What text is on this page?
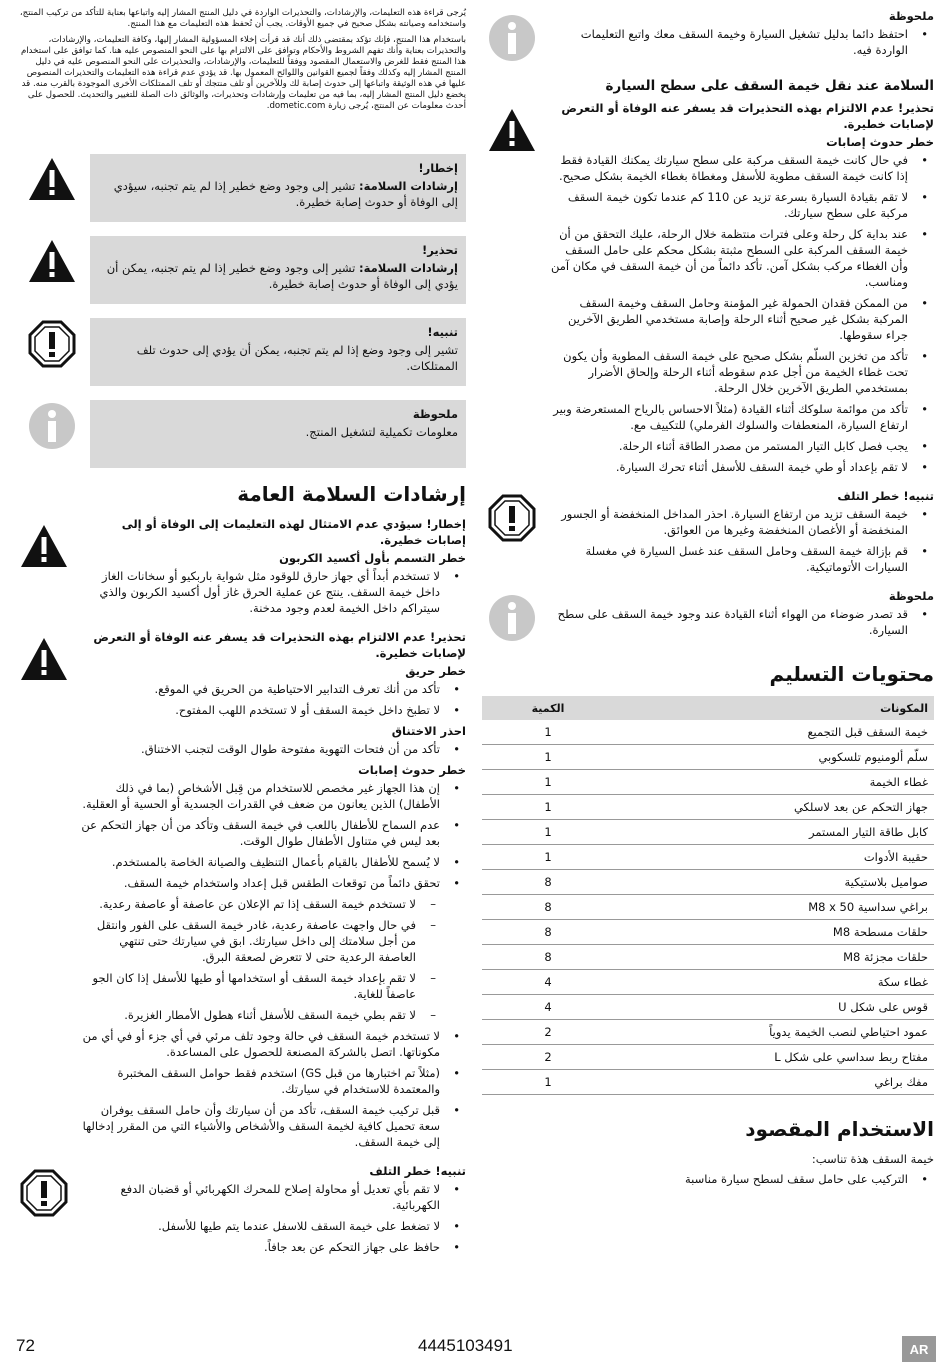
يُرجى قراءة هذه التعليمات، والإرشادات، والتحذيرات الواردة في دليل المنتج المشار إليه واتباعها بعناية للتأكد من تركيب المنتج، واستخدامه وصيانته بشكل صحيح في جميع الأوقات. يجب أن تُحفظ هذه التعليمات مع هذا المنتج.

باستخدام هذا المنتج، فإنك تؤكد بمقتضى ذلك أنك قد قرأت إخلاء المسؤولية المشار إليها، وكافة التعليمات، والإرشادات، والتحذيرات بعناية وأنك تفهم الشروط والأحكام وتوافق على الالتزام بها على النحو المنصوص عليه هنا. كما توافق على استخدام هذا المنتج فقط للغرض والاستعمال المقصود ووفقاً للتعليمات، والإرشادات، والتحذيرات على النحو المنصوص عليه في دليل المنتج المشار إليه وكذلك وفقاً لجميع القوانين واللوائح المعمول بها. قد يؤدي عدم قراءة هذه التعليمات والتحذيرات المنصوص عليها في هذه الوثيقة واتباعها إلى حدوث إصابة لك وللآخرين أو تلف منتجك أو تلف الممتلكات الأخرى الموجودة بالقرب منه. قد يخضع دليل المنتج المشار إليه، بما فيه من تعليمات وإرشادات وتحذيرات، والوثائق ذات الصلة للتغيير والتحديث. للحصول على أحدث معلومات عن المنتج، يُرجى زيارة dometic.com.

إخطار!
إرشادات السلامة: تشير إلى وجود وضع خطير إذا لم يتم تجنبه، سيؤدي إلى الوفاة أو حدوث إصابة خطيرة.
تحذير!
إرشادات السلامة: تشير إلى وجود وضع خطير إذا لم يتم تجنبه، يمكن أن يؤدي إلى الوفاة أو حدوث إصابة خطيرة.
تنبيه!
تشير إلى وجود وضع إذا لم يتم تجنبه، يمكن أن يؤدي إلى حدوث تلف الممتلكات.
ملحوظة
معلومات تكميلية لتشغيل المنتج.
إرشادات السلامة العامة
إخطار! سيؤدي عدم الامتثال لهذه التعليمات إلى الوفاة أو إلى إصابات خطيرة.
خطر التسمم بأول أكسيد الكربون
• لا تستخدم أبداً أي جهاز حارق للوقود مثل شواية باربكيو أو سخانات الغاز داخل خيمة السقف. ينتج عن عملية الحرق غاز أول أكسيد الكربون والذي سيتراكم داخل الخيمة لعدم وجود مدخنة.
تحذير! عدم الالتزام بهذه التحذيرات قد يسفر عنه الوفاة أو التعرض لإصابات خطيرة.
خطر حريق
• تأكد من أنك تعرف التدابير الاحتياطية من الحريق في الموقع.
• لا تطبخ داخل خيمة السقف أو لا تستخدم اللهب المفتوح.
احذر الاختناق
• تأكد من أن فتحات التهوية مفتوحة طوال الوقت لتجنب الاختناق.
خطر حدوث إصابات
• إن هذا الجهاز غير مخصص للاستخدام من قِبل الأشخاص (بما في ذلك الأطفال) الذين يعانون من ضعف في القدرات الجسدية أو الحسية أو العقلية.
• عدم السماح للأطفال باللعب في خيمة السقف وتأكد من أن جهاز التحكم عن بعد ليس في متناول الأطفال طوال الوقت.
• لا يُسمح للأطفال بالقيام بأعمال التنظيف والصيانة الخاصة بالمستخدم.
• تحقق دائماً من توقعات الطقس قبل إعداد واستخدام خيمة السقف.
– لا تستخدم خيمة السقف إذا تم الإعلان عن عاصفة أو عاصفة رعدية.
– في حال واجهت عاصفة رعدية، غادر خيمة السقف على الفور وانتقل من أجل سلامتك إلى داخل سيارتك. ابق في سيارتك حتى تنتهي العاصفة الرعدية حتى لا تتعرض لصعقة البرق.
– لا تقم بإعداد خيمة السقف أو استخدامها أو طيها للأسفل إذا كان الجو عاصفاً للغاية.
– لا تقم بطي خيمة السقف للأسفل أثناء هطول الأمطار الغزيرة.
• لا تستخدم خيمة السقف في حالة وجود تلف مرئي في أي جزء أو في أي من مكوناتها. اتصل بالشركة المصنعة للحصول على المساعدة.
• (مثلاً تم اختبارها من قبل GS) استخدم فقط حوامل السقف المختبرة والمعتمدة للاستخدام في سيارتك.
• قبل تركيب خيمة السقف، تأكد من أن سيارتك وأن حامل السقف يوفران سعة تحميل كافية لخيمة السقف والأشخاص والأشياء التي من المقرر إدخالها إلى خيمة السقف.
تنبيه! خطر التلف
• لا تقم بأي تعديل أو محاولة إصلاح للمحرك الكهربائي أو قضبان الدفع الكهربائية.
• لا تضغط على خيمة السقف للاسفل عندما يتم طيها للأسفل.
• حافظ على جهاز التحكم عن بعد جافاً.
ملحوظة
• احتفظ دائما بدليل تشغيل السيارة وخيمة السقف معك واتبع التعليمات الواردة فيه.
السلامة عند نقل خيمة السقف على سطح السيارة
تحذير! عدم الالتزام بهذه التحذيرات قد يسفر عنه الوفاة أو التعرض لإصابات خطيرة.
خطر حدوث إصابات
• في حال كانت خيمة السقف مركبة على سطح سيارتك يمكنك القيادة فقط إذا كانت خيمة السقف مطوية للأسفل ومغطاة بغطاء الخيمة بشكل صحيح.
• لا تقم بقيادة السيارة بسرعة تزيد عن 110 كم عندما تكون خيمة السقف مركبة على سطح سيارتك.
• عند بداية كل رحلة وعلى فترات منتظمة خلال الرحلة، عليك التحقق من أن خيمة السقف المركبة على السطح مثبتة بشكل محكم على حامل السقف وأن الغطاء مركب بشكل آمن. تأكد دائماً من أن خيمة السقف في مكان آمن ومناسب.
• من الممكن فقدان الحمولة غير المؤمنة وحامل السقف وخيمة السقف المركبة بشكل غير صحيح أثناء الرحلة وإصابة مستخدمي الطريق الآخرين جراء سقوطها.
• تأكد من تخزين السلّم بشكل صحيح على خيمة السقف المطوية وأن يكون تحت غطاء الخيمة من أجل عدم سقوطه أثناء الرحلة وإلحاق الأضرار بمستخدمي الطريق الآخرين خلال الرحلة.
• تأكد من موائمة سلوكك أثناء القيادة (مثلاً الاحساس بالرياح المستعرضة وبير ارتفاع السيارة، المنعطفات والسلوك الفرملي) للتكييف مع.
• يجب فصل كابل التيار المستمر من مصدر الطاقة أثناء الرحلة.
• لا تقم بإعداد أو طي خيمة السقف للأسفل أثناء تحرك السيارة.
تنبيه! خطر التلف
• خيمة السقف تزيد من ارتفاع السيارة. احذر المداخل المنخفضة أو الجسور المنخفضة أو الأغصان المنخفضة وغيرها من العوائق.
• قم بإزالة خيمة السقف وحامل السقف عند غسل السيارة في مغسلة السيارات الأتوماتيكية.
ملحوظة
• قد تصدر ضوضاء من الهواء أثناء القيادة عند وجود خيمة السقف على سطح السيارة.
محتويات التسليم
المكونات	الكمية
خيمة السقف قبل التجميع	1
سلّم ألومنيوم تلسكوبي	1
غطاء الخيمة	1
جهاز التحكم عن بعد لاسلكي	1
كابل طاقة التيار المستمر	1
حقيبة الأدوات	1
صواميل بلاستيكية	8
براغي سداسية M8 x 50	8
حلقات مسطحة M8	8
حلقات مجزئة M8	8
غطاء سكة	4
قوس على شكل U	4
عمود احتياطي لنصب الخيمة يدوياً	2
مفتاح ربط سداسي على شكل L	2
مفك براغي	1
الاستخدام المقصود
خيمة السقف هذة تناسب:
• التركيب على حامل سقف لسطح سيارة مناسبة
72	4445103491	AR
